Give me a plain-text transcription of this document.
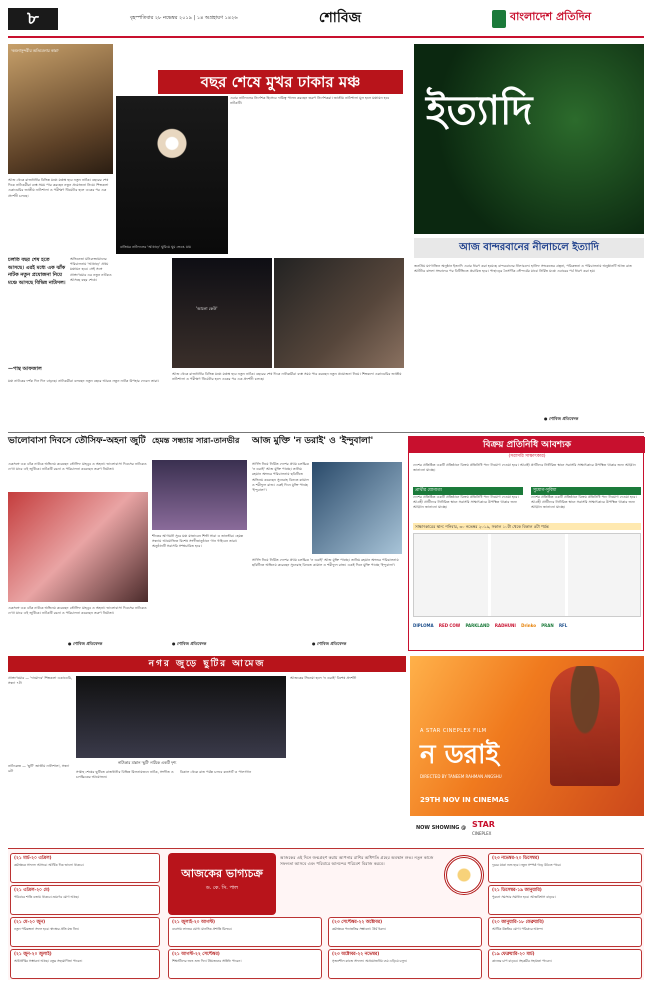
৮	বৃহস্পতিবার ২৮ নভেম্বর ২০১৯ | ১৪ অগ্রহায়ণ ১৪২৬	শোবিজ	বাংলাদেশ প্রতিদিন
'কমলাসুন্দরীর অতিবেলার কান্না'
বছর শেষে মুখর ঢাকার মঞ্চ
বাতিঘর নাট্যদলের 'আষাঢ়ে' ঘুমিয়ে ঘুম ভেঙে যায়
আজ থেকে রাজধানীর বিভিন্ন মঞ্চে মঞ্চস্থ হবে নতুন নাটক। বছরের শেষ দিকে নাট্যকর্মীরা ব্যস্ত সময় পার করছেন নতুন প্রযোজনা নিয়ে। শিল্পকলা একাডেমির জাতীয় নাট্যশালা ও পরীক্ষণ থিয়েটার হলে একের পর এক প্রদর্শনী চলছে।
চলতি বছর শেষ হতে আসছে। এরই মধ্যে এক ঝাঁক নাটক নতুন প্রযোজনা নিয়ে মঞ্চে আসছে বিভিন্ন নাট্যদল।
অভিনেতা মনিরুজ্জামানের পরিচালনায় 'আষাঢ়ে' প্রথম মঞ্চায়ন হবে। সেই সঙ্গে প্রাঙ্গণেমোর এর নতুন নাটকও আসছে বছর শেষে।
—পান্থ আফজাল
মঞ্চ নাটকের দর্শক দিন দিন বাড়ছে। নাট্যকর্মীরা বলছেন নতুন বছরে আরও নতুন নাটক উপহার দেবেন তারা।
এবার নাট্যদলের নির্দেশক হিসেবে দায়িত্ব পালন করছেন তরুণ নির্দেশকরা। জাতীয় নাট্যশালা মূল হলে মঞ্চায়ন হবে নাটকটি।
'আলো কেউ'
আজ থেকে রাজধানীর বিভিন্ন মঞ্চে মঞ্চস্থ হবে নতুন নাটক। বছরের শেষ দিকে নাট্যকর্মীরা ব্যস্ত সময় পার করছেন নতুন প্রযোজনা নিয়ে। শিল্পকলা একাডেমির জাতীয় নাট্যশালা ও পরীক্ষণ থিয়েটার হলে একের পর এক প্রদর্শনী চলছে।
ইত্যাদি
আজ বান্দরবানের নীলাচলে ইত্যাদি
জনপ্রিয় ম্যাগাজিন অনুষ্ঠান ইত্যাদি এবার ধারণ করা হয়েছে বান্দরবানের নীলাচলে। হানিফ সংকেতের গ্রন্থনা, পরিকল্পনা ও পরিচালনায় অনুষ্ঠানটি আজ রাত আটটার বাংলা সংবাদের পর বিটিভিতে প্রচারিত হবে। পাহাড়ের নৈসর্গিক সৌন্দর্যের মাঝে নির্মিত মঞ্চে এবারের পর্ব ধারণ করা হয়।
● শোবিজ প্রতিবেদক
ভালোবাসা দিবসে তৌসিফ-অহনা জুটি
একসঙ্গে এক ঝাঁক নাটকে অভিনয় করেছেন তৌসিফ মাহবুব ও অহনা। ভালোবাসা দিবসের নাটকেও দেখা যাবে এই জুটিকে। নাটকটি রচনা ও পরিচালনা করেছেন তরুণ নির্মাতা।
একসঙ্গে এক ঝাঁক নাটকে অভিনয় করেছেন তৌসিফ মাহবুব ও অহনা। ভালোবাসা দিবসের নাটকেও দেখা যাবে এই জুটিকে। নাটকটি রচনা ও পরিচালনা করেছেন তরুণ নির্মাতা।
● শোবিজ প্রতিবেদক
হেমন্ত সন্ধ্যায় সারা-তানভীর
শীতের আগমনী সুরে মঞ্চ মাতাবেন শিল্পী সারা ও তানভীর। হেমন্ত সন্ধ্যায় আয়োজিত বিশেষ সংগীতানুষ্ঠানে গান গাইবেন তারা। অনুষ্ঠানটি সরাসরি সম্প্রচারিত হবে।
● শোবিজ প্রতিবেদক
আজ মুক্তি 'ন ডরাই' ও 'ইন্দুবালা'
সার্ফিং নিয়ে নির্মিত দেশের প্রথম চলচ্চিত্র 'ন ডরাই' আজ মুক্তি পাচ্ছে। তানিম রহমান অংশুর পরিচালনায় ছবিটিতে অভিনয় করেছেন সুনেরাহ বিনতে কামাল ও শরীফুল রাজ। একই দিনে মুক্তি পাচ্ছে 'ইন্দুবালা'।
সার্ফিং নিয়ে নির্মিত দেশের প্রথম চলচ্চিত্র 'ন ডরাই' আজ মুক্তি পাচ্ছে। তানিম রহমান অংশুর পরিচালনায় ছবিটিতে অভিনয় করেছেন সুনেরাহ বিনতে কামাল ও শরীফুল রাজ। একই দিনে মুক্তি পাচ্ছে 'ইন্দুবালা'।
● শোবিজ প্রতিবেদক
বিক্রয় প্রতিনিধি আবশ্যক
(সরাসরি সাক্ষাৎকার)
দেশের প্রতিষ্ঠিত একটি প্রতিষ্ঠানে বিক্রয় প্রতিনিধি পদে নিয়োগ দেওয়া হবে। আগ্রহী প্রার্থীদের নির্ধারিত স্থানে সরাসরি সাক্ষাৎকারে উপস্থিত থাকার জন্য আহ্বান জানানো যাচ্ছে।
প্রার্থীর যোগ্যতা	সুযোগ-সুবিধা
দেশের প্রতিষ্ঠিত একটি প্রতিষ্ঠানে বিক্রয় প্রতিনিধি পদে নিয়োগ দেওয়া হবে। আগ্রহী প্রার্থীদের নির্ধারিত স্থানে সরাসরি সাক্ষাৎকারে উপস্থিত থাকার জন্য আহ্বান জানানো যাচ্ছে।
দেশের প্রতিষ্ঠিত একটি প্রতিষ্ঠানে বিক্রয় প্রতিনিধি পদে নিয়োগ দেওয়া হবে। আগ্রহী প্রার্থীদের নির্ধারিত স্থানে সরাসরি সাক্ষাৎকারে উপস্থিত থাকার জন্য আহ্বান জানানো যাচ্ছে।
সাক্ষাৎকারের স্থান: শনিবার, ৩০ নভেম্বর ২০১৯, সকাল ১০টা থেকে বিকাল ৫টা পর্যন্ত
DIPLOMA RED COW PARKLAND RADHUNI Drinko PRAN RFL
নগর জুড়ে ছুটির আমেজ
প্রাঙ্গণেমোর — 'দামোদর' শিল্পকলা একাডেমি, সন্ধ্যা ৭টা
নাট্যকার মান্নান 'ছুটি' নাটকে একটি দৃশ্য
নাট্যকেন্দ্র — 'ছুটি' জাতীয় নাট্যশালা, সন্ধ্যা ৬টা	সপ্তাহ শেষের ছুটিতে রাজধানীর বিভিন্ন মিলনায়তনে নাটক, সংগীত ও চলচ্চিত্রের আয়োজন।
বিকাল থেকে রাত পর্যন্ত চলবে কনসার্ট ও পালাগান
আজকের সিনেমা হলে 'ন ডরাই' বিশেষ প্রদর্শনী
A STAR CINEPLEX FILM
ন ডরাই
DIRECTED BY TANEEM RAHMAN ANGSHU
29TH NOV IN CINEMAS
NOW SHOWING @ STAR
CINEPLEX
(২১ মার্চ-২০ এপ্রিল)
কর্মক্ষেত্রে সাফল্য আসবে। আর্থিক দিক ভালো থাকবে।
(২১ এপ্রিল-২০ মে)
পরিবারে শান্তি বজায় থাকবে। ভ্রমণের যোগ আছে।
আজকের ভাগ্যচক্র
ড. কে. সি. পাল
আজকের এই দিনে জন্মগ্রহণ করায় আপনার রাশির অধিপতি গ্রহের অবস্থান শুভ। নতুন কাজে সফলতা আসবে এবং পরিবারে আনন্দের পরিবেশ বিরাজ করবে।
(২৩ নভেম্বর-২০ ডিসেম্বর)
দূরের যাত্রা শুভ হবে। নতুন সম্পর্ক গড়ে উঠতে পারে।
(২১ ডিসেম্বর-১৯ জানুয়ারি)
পুরনো সমস্যার সমাধান হবে। আত্মবিশ্বাস বাড়বে।
(২১ মে-২০ জুন)
নতুন পরিকল্পনা সফল হবে। স্বাস্থ্যের প্রতি যত্ন নিন।
(২১ জুলাই-২০ আগস্ট)
ব্যবসায় লাভের যোগ। মানসিক প্রশান্তি মিলবে।
(২৩ সেপ্টেম্বর-২২ অক্টোবর)
কর্মক্ষেত্রে পদোন্নতির সম্ভাবনা। ধৈর্য ধরুন।
(২০ জানুয়ারি-১৮ ফেব্রুয়ারি)
আর্থিক উন্নতির যোগ। পরিবারে আনন্দ।
(২১ জুন-২০ জুলাই)
অর্থপ্রাপ্তির সম্ভাবনা আছে। বন্ধুর সহযোগিতা পাবেন।
(২১ আগস্ট-২২ সেপ্টেম্বর)
শিক্ষার্থীদের জন্য শুভ দিন। প্রিয়জনের সান্নিধ্য পাবেন।
(২৩ অক্টোবর-২২ নভেম্বর)
সৃজনশীল কাজে সাফল্য। অপ্রয়োজনীয় ব্যয় এড়িয়ে চলুন।
(১৯ ফেব্রুয়ারি-২০ মার্চ)
কাজের চাপ বাড়বে। সহকর্মীর সহায়তা পাবেন।
